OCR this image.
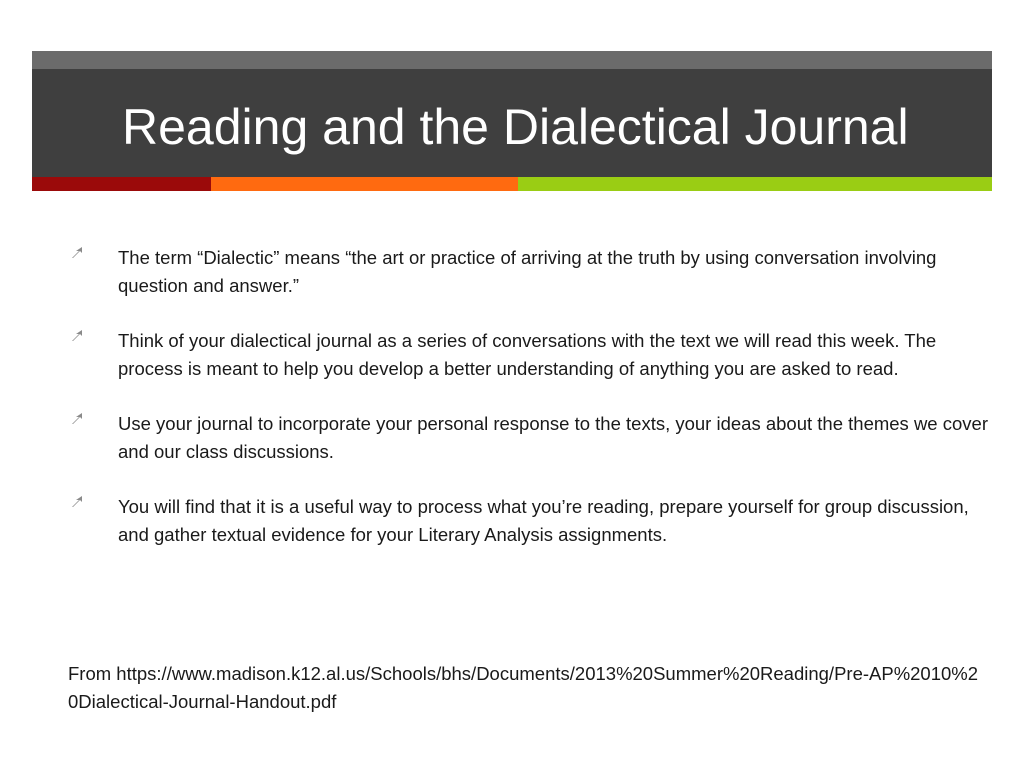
Reading and the Dialectical Journal
The term “Dialectic” means “the art or practice of arriving at the truth by using conversation involving question and answer.”
Think of your dialectical journal as a series of conversations with the text we will read this week. The process is meant to help you develop a better understanding of anything you are asked to read.
Use your journal to incorporate your personal response to the texts, your ideas about the themes we cover and our class discussions.
You will find that it is a useful way to process what you’re reading, prepare yourself for group discussion, and gather textual evidence for your Literary Analysis assignments.
From https://www.madison.k12.al.us/Schools/bhs/Documents/2013%20Summer%20Reading/Pre-AP%2010%20Dialectical-Journal-Handout.pdf
